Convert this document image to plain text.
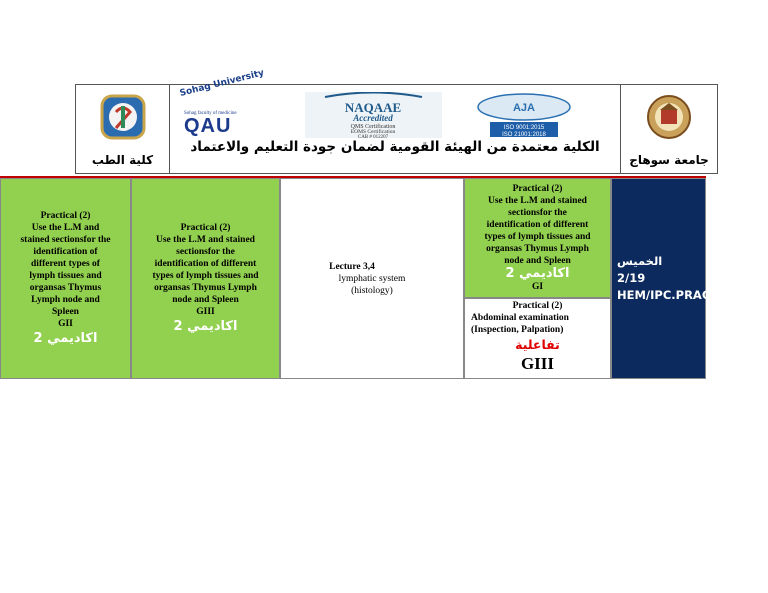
كلية الطب
Sohag University
Sohag faculty of medicine
QAU
NAQAAE
Accredited
QMS Certification
EOMS Certification
CAB # 012207
AJA
ISO 9001:2015
ISO 21001:2018
الكلية معتمدة من الهيئة القومية لضمان جودة التعليم والاعتماد
جامعة سوهاج
Practical (2)
Use the L.M and
stained sectionsfor the
identification of
different types of
lymph tissues and
organsas Thymus
Lymph node and
Spleen
GII
اكاديمي 2
Practical (2)
Use the L.M and stained
sectionsfor the
identification of different
types of lymph tissues and
organsas Thymus Lymph
node and Spleen
GIII
اكاديمي 2
Lecture 3,4
lymphatic system
(histology)
Practical (2)
Use the L.M and stained
sectionsfor the
identification of different
types of lymph tissues and
organsas Thymus Lymph
node and Spleen
اكاديمي 2
GI
Practical (2)
Abdominal examination
(Inspection, Palpation)
تفاعلية
GIII
الخميس
2/19
HEM/IPC.PRAC
